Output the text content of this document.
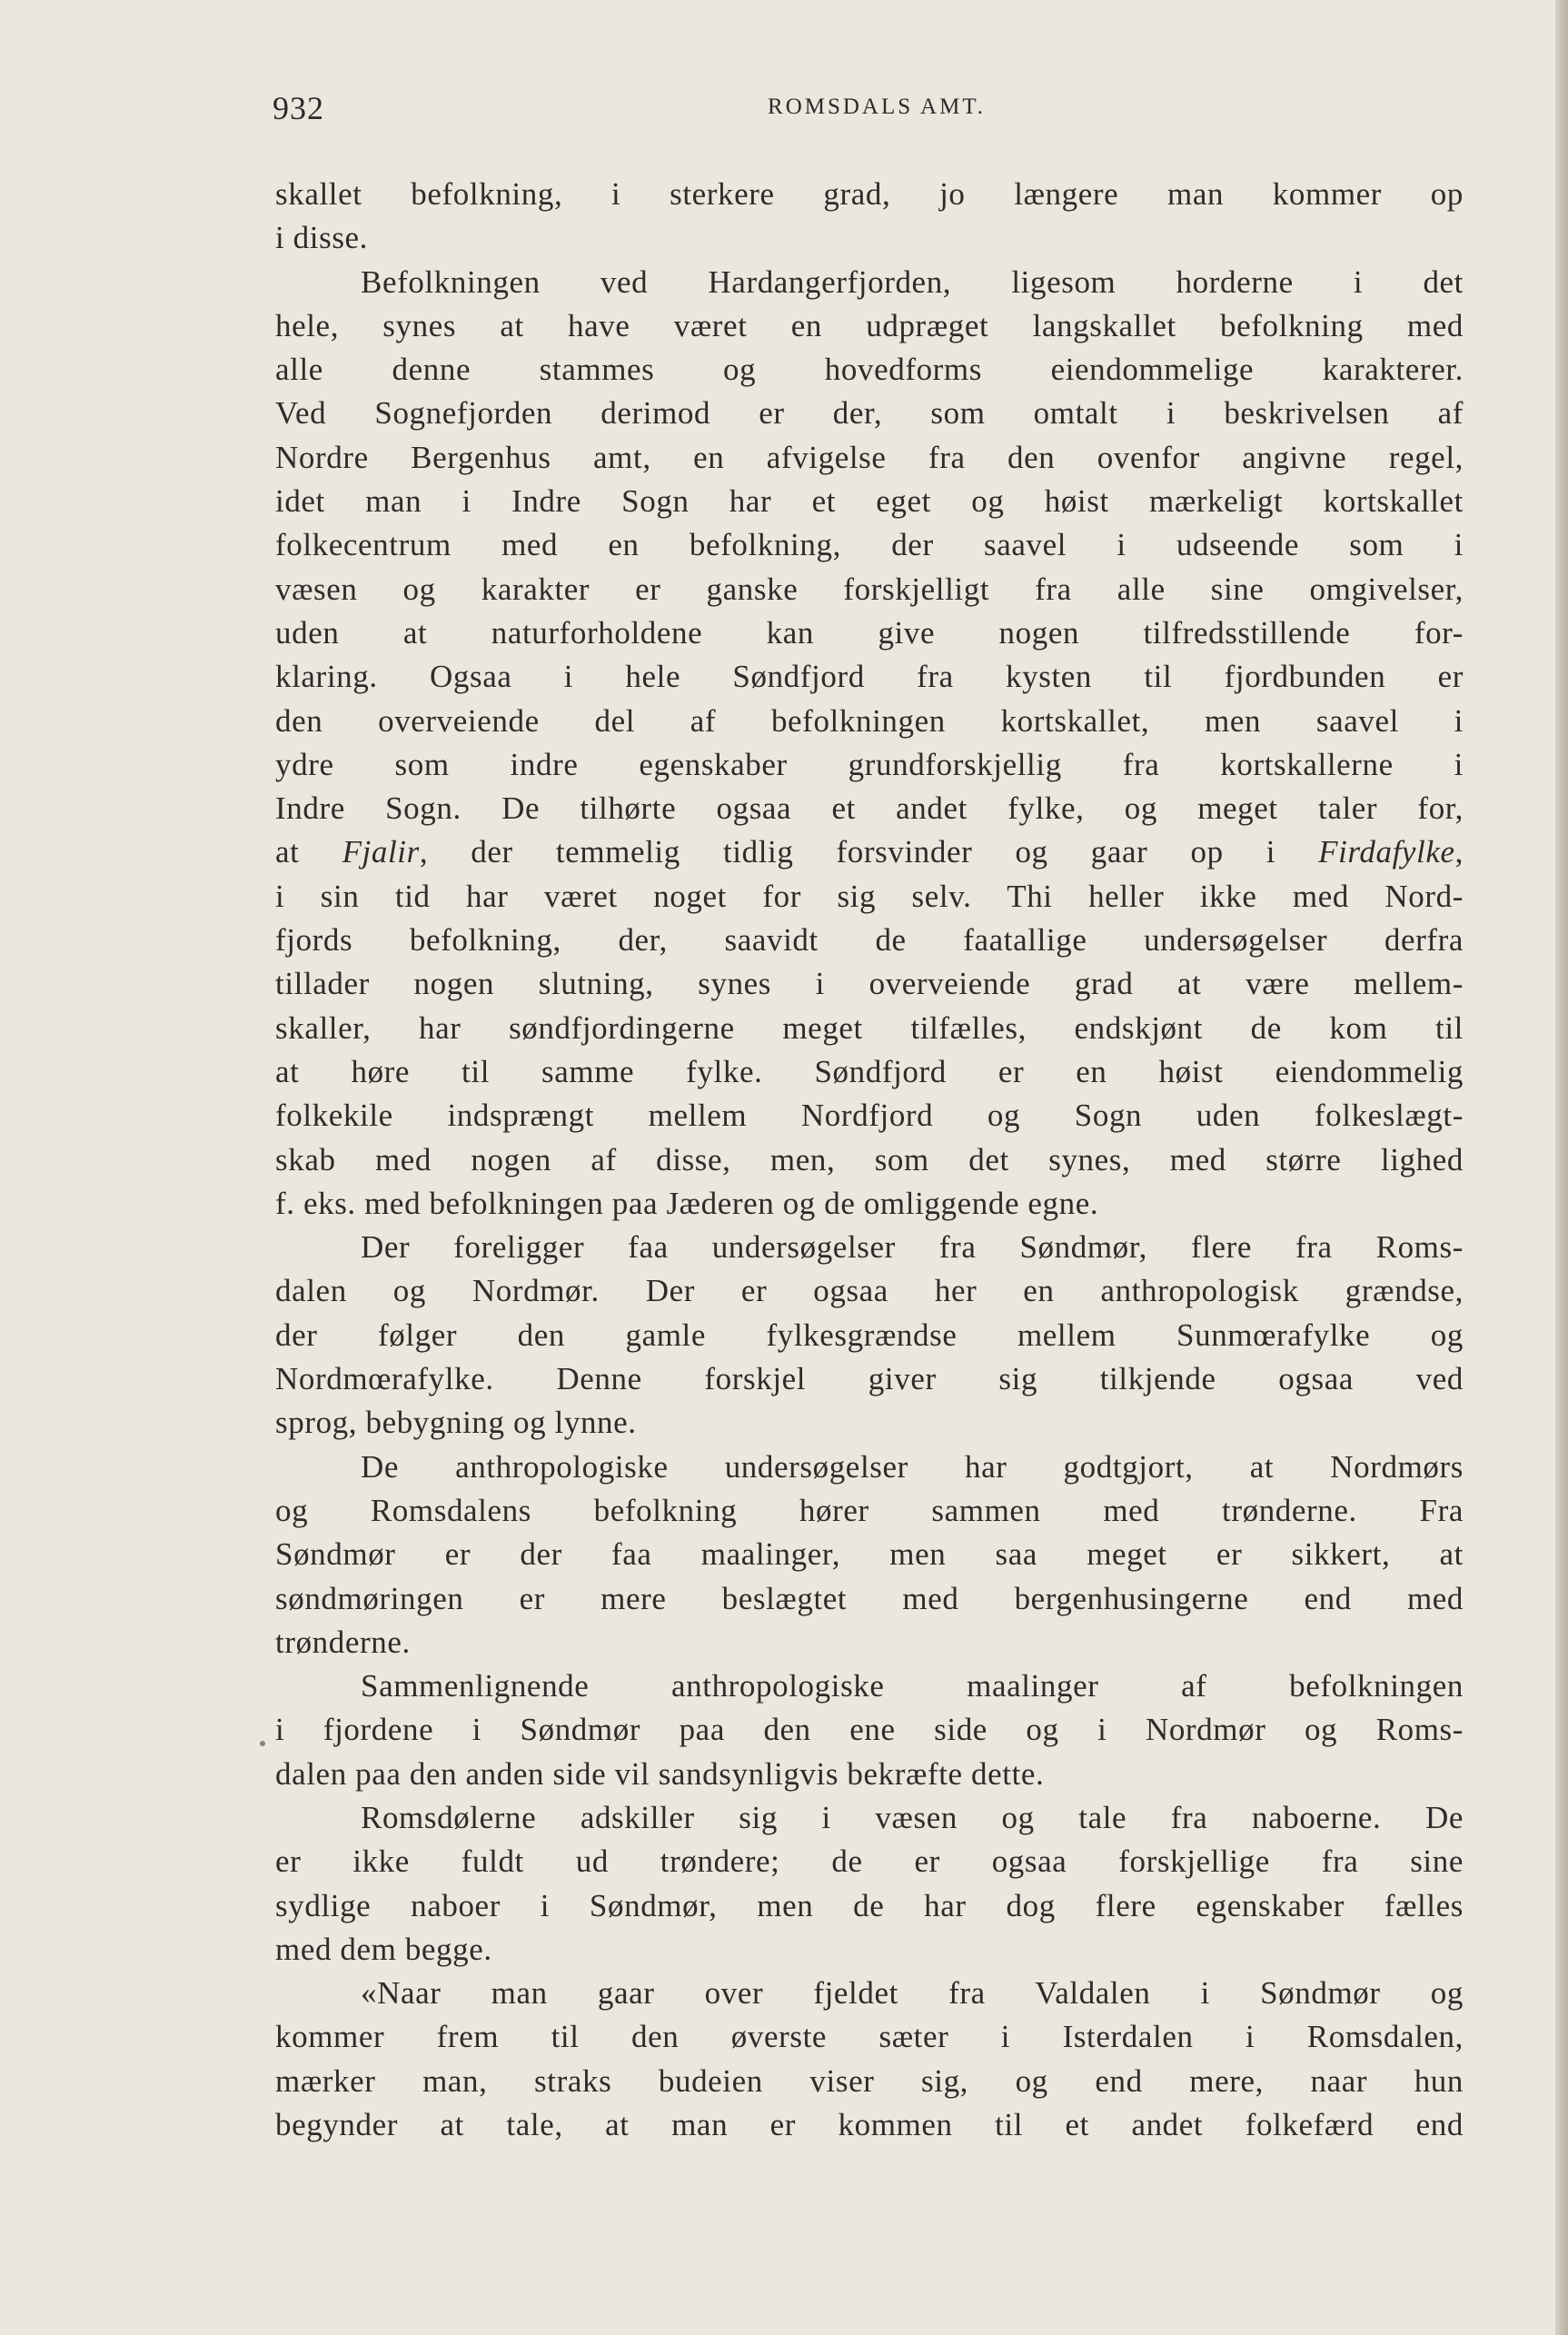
932	ROMSDALS AMT.
skallet befolkning, i sterkere grad, jo længere man kommer op
i disse.
Befolkningen ved Hardangerfjorden, ligesom horderne i det
hele, synes at have været en udpræget langskallet befolkning med
alle denne stammes og hovedforms eiendommelige karakterer.
Ved Sognefjorden derimod er der, som omtalt i beskrivelsen af
Nordre Bergenhus amt, en afvigelse fra den ovenfor angivne regel,
idet man i Indre Sogn har et eget og høist mærkeligt kortskallet
folkecentrum med en befolkning, der saavel i udseende som i
væsen og karakter er ganske forskjelligt fra alle sine omgivelser,
uden at naturforholdene kan give nogen tilfredsstillende for-
klaring. Ogsaa i hele Søndfjord fra kysten til fjordbunden er
den overveiende del af befolkningen kortskallet, men saavel i
ydre som indre egenskaber grundforskjellig fra kortskallerne i
Indre Sogn. De tilhørte ogsaa et andet fylke, og meget taler for,
at Fjalir, der temmelig tidlig forsvinder og gaar op i Firdafylke,
i sin tid har været noget for sig selv. Thi heller ikke med Nord-
fjords befolkning, der, saavidt de faatallige undersøgelser derfra
tillader nogen slutning, synes i overveiende grad at være mellem-
skaller, har søndfjordingerne meget tilfælles, endskjønt de kom til
at høre til samme fylke. Søndfjord er en høist eiendommelig
folkekile indsprængt mellem Nordfjord og Sogn uden folkeslægt-
skab med nogen af disse, men, som det synes, med større lighed
f. eks. med befolkningen paa Jæderen og de omliggende egne.
Der foreligger faa undersøgelser fra Søndmør, flere fra Roms-
dalen og Nordmør. Der er ogsaa her en anthropologisk grændse,
der følger den gamle fylkesgrændse mellem Sunmœrafylke og
Nordmœrafylke. Denne forskjel giver sig tilkjende ogsaa ved
sprog, bebygning og lynne.
De anthropologiske undersøgelser har godtgjort, at Nordmørs
og Romsdalens befolkning hører sammen med trønderne. Fra
Søndmør er der faa maalinger, men saa meget er sikkert, at
søndmøringen er mere beslægtet med bergenhusingerne end med
trønderne.
Sammenlignende anthropologiske maalinger af befolkningen
i fjordene i Søndmør paa den ene side og i Nordmør og Roms-
dalen paa den anden side vil sandsynligvis bekræfte dette.
Romsdølerne adskiller sig i væsen og tale fra naboerne. De
er ikke fuldt ud trøndere; de er ogsaa forskjellige fra sine
sydlige naboer i Søndmør, men de har dog flere egenskaber fælles
med dem begge.
«Naar man gaar over fjeldet fra Valdalen i Søndmør og
kommer frem til den øverste sæter i Isterdalen i Romsdalen,
mærker man, straks budeien viser sig, og end mere, naar hun
begynder at tale, at man er kommen til et andet folkefærd end
